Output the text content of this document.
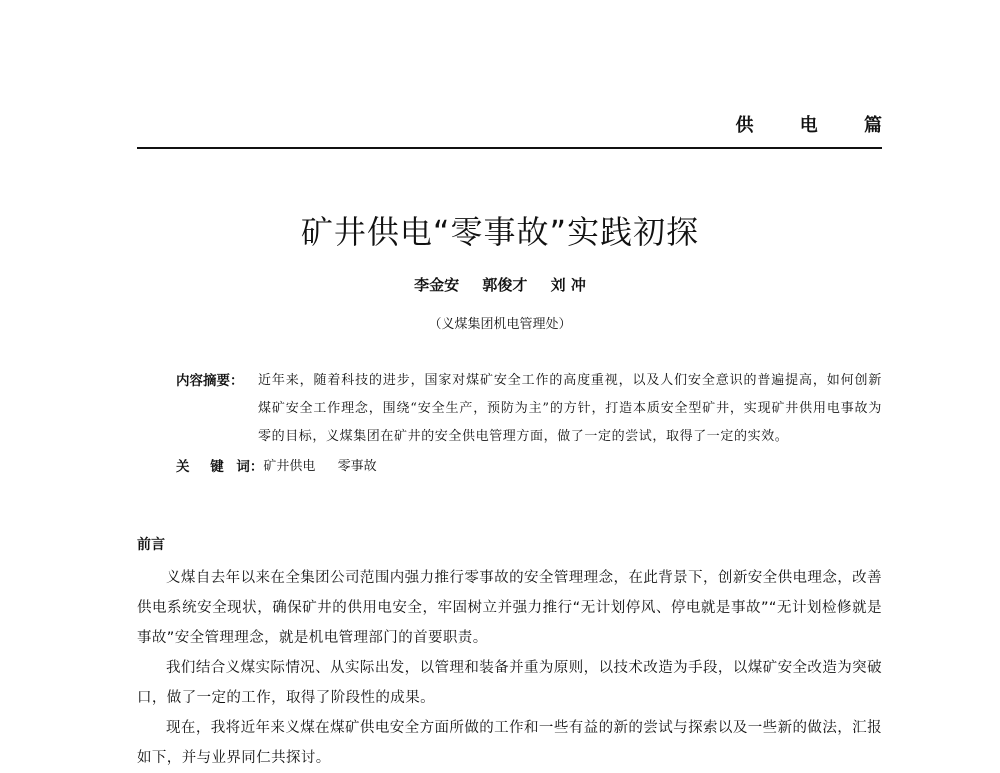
供 电 篇
矿井供电“零事故”实践初探
李金安 郭俊才 刘 冲
（义煤集团机电管理处）
内容摘要：	近年来，随着科技的进步，国家对煤矿安全工作的高度重视，以及人们安全意识的普遍提高，如何创新煤矿安全工作理念，围绕“安全生产，预防为主”的方针，打造本质安全型矿井，实现矿井供用电事故为零的目标，义煤集团在矿井的安全供电管理方面，做了一定的尝试，取得了一定的实效。
关 键 词： 矿井供电 零事故
前言

义煤自去年以来在全集团公司范围内强力推行零事故的安全管理理念，在此背景下，创新安全供电理念，改善供电系统安全现状，确保矿井的供用电安全，牢固树立并强力推行“无计划停风、停电就是事故”“无计划检修就是事故”安全管理理念，就是机电管理部门的首要职责。

我们结合义煤实际情况、从实际出发，以管理和装备并重为原则，以技术改造为手段，以煤矿安全改造为突破口，做了一定的工作，取得了阶段性的成果。

现在，我将近年来义煤在煤矿供电安全方面所做的工作和一些有益的新的尝试与探索以及一些新的做法，汇报如下，并与业界同仁共探讨。
